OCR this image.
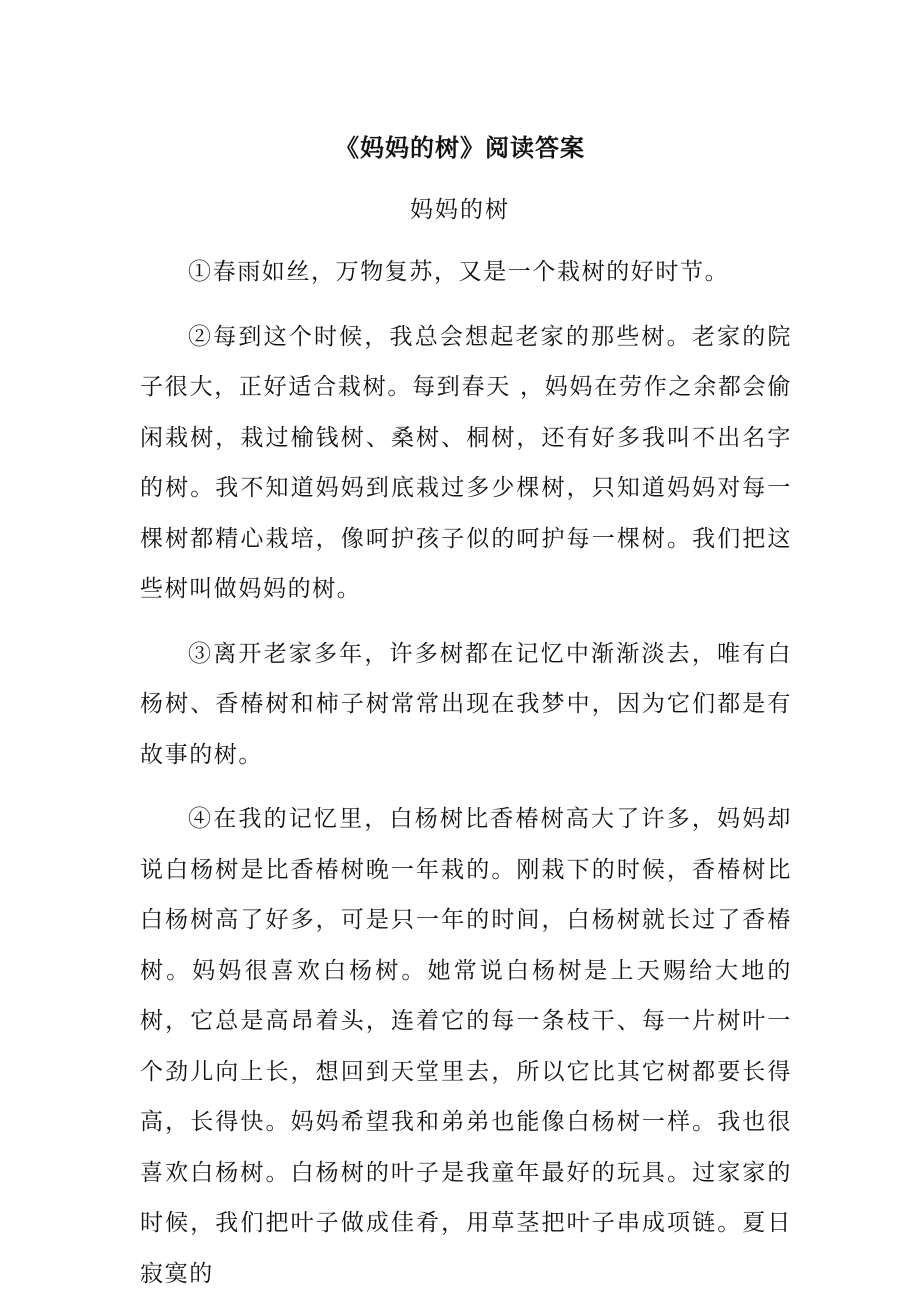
《妈妈的树》阅读答案
妈妈的树

①春雨如丝，万物复苏，又是一个栽树的好时节。

②每到这个时候，我总会想起老家的那些树。老家的院子很大，正好适合栽树。每到春天 ，妈妈在劳作之余都会偷闲栽树，栽过榆钱树、桑树、桐树，还有好多我叫不出名字的树。我不知道妈妈到底栽过多少棵树，只知道妈妈对每一棵树都精心栽培，像呵护孩子似的呵护每一棵树。我们把这些树叫做妈妈的树。

③离开老家多年，许多树都在记忆中渐渐淡去，唯有白杨树、香椿树和柿子树常常出现在我梦中，因为它们都是有故事的树。

④在我的记忆里，白杨树比香椿树高大了许多，妈妈却说白杨树是比香椿树晚一年栽的。刚栽下的时候，香椿树比白杨树高了好多，可是只一年的时间，白杨树就长过了香椿树。妈妈很喜欢白杨树。她常说白杨树是上天赐给大地的树，它总是高昂着头，连着它的每一条枝干、每一片树叶一个劲儿向上长，想回到天堂里去，所以它比其它树都要长得高，长得快。妈妈希望我和弟弟也能像白杨树一样。我也很喜欢白杨树。白杨树的叶子是我童年最好的玩具。过家家的时候，我们把叶子做成佳肴，用草茎把叶子串成项链。夏日寂寞的
